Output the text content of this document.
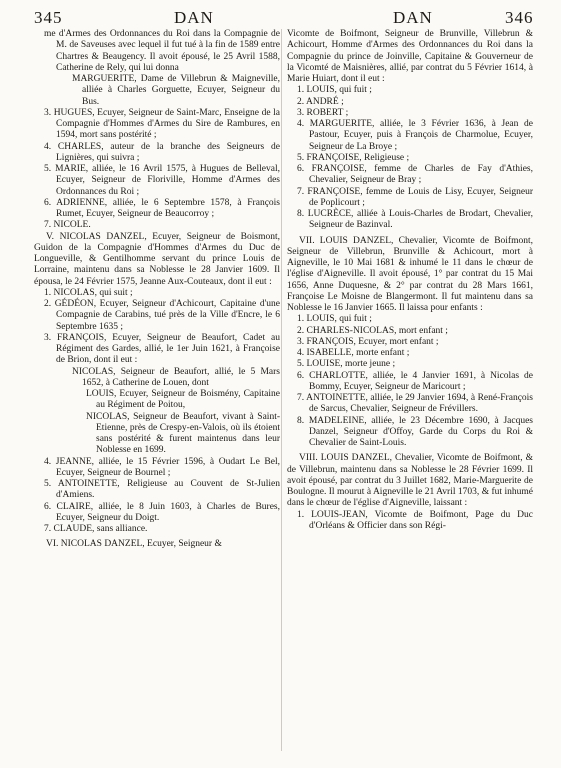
345	DAN	DAN	346

me d'Armes des Ordonnances du Roi dans la Compagnie de M. de Saveuses avec lequel il fut tué à la fin de 1589 entre Chartres & Beaugency. Il avoit épousé, le 25 Avril 1588, Catherine de Rely, qui lui donna

MARGUERITE, Dame de Villebrun & Maigneville, alliée à Charles Gorguette, Ecuyer, Seigneur du Bus.

3. HUGUES, Ecuyer, Seigneur de Saint-Marc, Enseigne de la Compagnie d'Hommes d'Armes du Sire de Rambures, en 1594, mort sans postérité ;

4. CHARLES, auteur de la branche des Seigneurs de Lignières, qui suivra ;

5. MARIE, alliée, le 16 Avril 1575, à Hugues de Belleval, Ecuyer, Seigneur de Floriville, Homme d'Armes des Ordonnances du Roi ;

6. ADRIENNE, alliée, le 6 Septembre 1578, à François Rumet, Ecuyer, Seigneur de Beaucorroy ;

7. NICOLE.

V. NICOLAS DANZEL, Ecuyer, Seigneur de Boismont, Guidon de la Compagnie d'Hommes d'Armes du Duc de Longueville, & Gentilhomme servant du prince Louis de Lorraine, maintenu dans sa Noblesse le 28 Janvier 1609. Il épousa, le 24 Février 1575, Jeanne Aux-Couteaux, dont il eut :

1. NICOLAS, qui suit ;

2. GÉDÉON, Ecuyer, Seigneur d'Achicourt, Capitaine d'une Compagnie de Carabins, tué près de la Ville d'Encre, le 6 Septembre 1635 ;

3. FRANÇOIS, Ecuyer, Seigneur de Beaufort, Cadet au Régiment des Gardes, allié, le 1er Juin 1621, à Françoise de Brion, dont il eut :

NICOLAS, Seigneur de Beaufort, allié, le 5 Mars 1652, à Catherine de Louen, dont

LOUIS, Ecuyer, Seigneur de Boismény, Capitaine au Régiment de Poitou,

NICOLAS, Seigneur de Beaufort, vivant à Saint-Etienne, près de Crespy-en-Valois, où ils étoient sans postérité & furent maintenus dans leur Noblesse en 1699.

4. JEANNE, alliée, le 15 Février 1596, à Oudart Le Bel, Ecuyer, Seigneur de Bournel ;

5. ANTOINETTE, Religieuse au Couvent de St-Julien d'Amiens.

6. CLAIRE, alliée, le 8 Juin 1603, à Charles de Bures, Ecuyer, Seigneur du Doigt.

7. CLAUDE, sans alliance.

VI. NICOLAS DANZEL, Ecuyer, Seigneur &

Vicomte de Boifmont, Seigneur de Brunville, Villebrun & Achicourt, Homme d'Armes des Ordonnances du Roi dans la Compagnie du prince de Joinville, Capitaine & Gouverneur de la Vicomté de Maisnières, allié, par contrat du 5 Février 1614, à Marie Huiart, dont il eut :

1. LOUIS, qui fuit ;

2. ANDRÉ ;

3. ROBERT ;

4. MARGUERITE, alliée, le 3 Février 1636, à Jean de Pastour, Ecuyer, puis à François de Charmolue, Ecuyer, Seigneur de La Broye ;

5. FRANÇOISE, Religieuse ;

6. FRANÇOISE, femme de Charles de Fay d'Athies, Chevalier, Seigneur de Bray ;

7. FRANÇOISE, femme de Louis de Lisy, Ecuyer, Seigneur de Poplicourt ;

8. LUCRÈCE, alliée à Louis-Charles de Brodart, Chevalier, Seigneur de Bazinval.

VII. LOUIS DANZEL, Chevalier, Vicomte de Boifmont, Seigneur de Villebrun, Brunville & Achicourt, mort à Aigneville, le 10 Mai 1681 & inhumé le 11 dans le chœur de l'église d'Aigneville. Il avoit épousé, 1° par contrat du 15 Mai 1656, Anne Duquesne, & 2° par contrat du 28 Mars 1661, Françoise Le Moisne de Blangermont. Il fut maintenu dans sa Noblesse le 16 Janvier 1665. Il laissa pour enfants :

1. LOUIS, qui fuit ;

2. CHARLES-NICOLAS, mort enfant ;

3. FRANÇOIS, Ecuyer, mort enfant ;

4. ISABELLE, morte enfant ;

5. LOUISE, morte jeune ;

6. CHARLOTTE, alliée, le 4 Janvier 1691, à Nicolas de Bommy, Ecuyer, Seigneur de Maricourt ;

7. ANTOINETTE, alliée, le 29 Janvier 1694, à René-François de Sarcus, Chevalier, Seigneur de Frévillers.

8. MADELEINE, alliée, le 23 Décembre 1690, à Jacques Danzel, Seigneur d'Offoy, Garde du Corps du Roi & Chevalier de Saint-Louis.

VIII. LOUIS DANZEL, Chevalier, Vicomte de Boifmont, & de Villebrun, maintenu dans sa Noblesse le 28 Février 1699. Il avoit épousé, par contrat du 3 Juillet 1682, Marie-Marguerite de Boulogne. Il mourut à Aigneville le 21 Avril 1703, & fut inhumé dans le chœur de l'église d'Aigneville, laissant :

1. LOUIS-JEAN, Vicomte de Boifmont, Page du Duc d'Orléans & Officier dans son Régi-
